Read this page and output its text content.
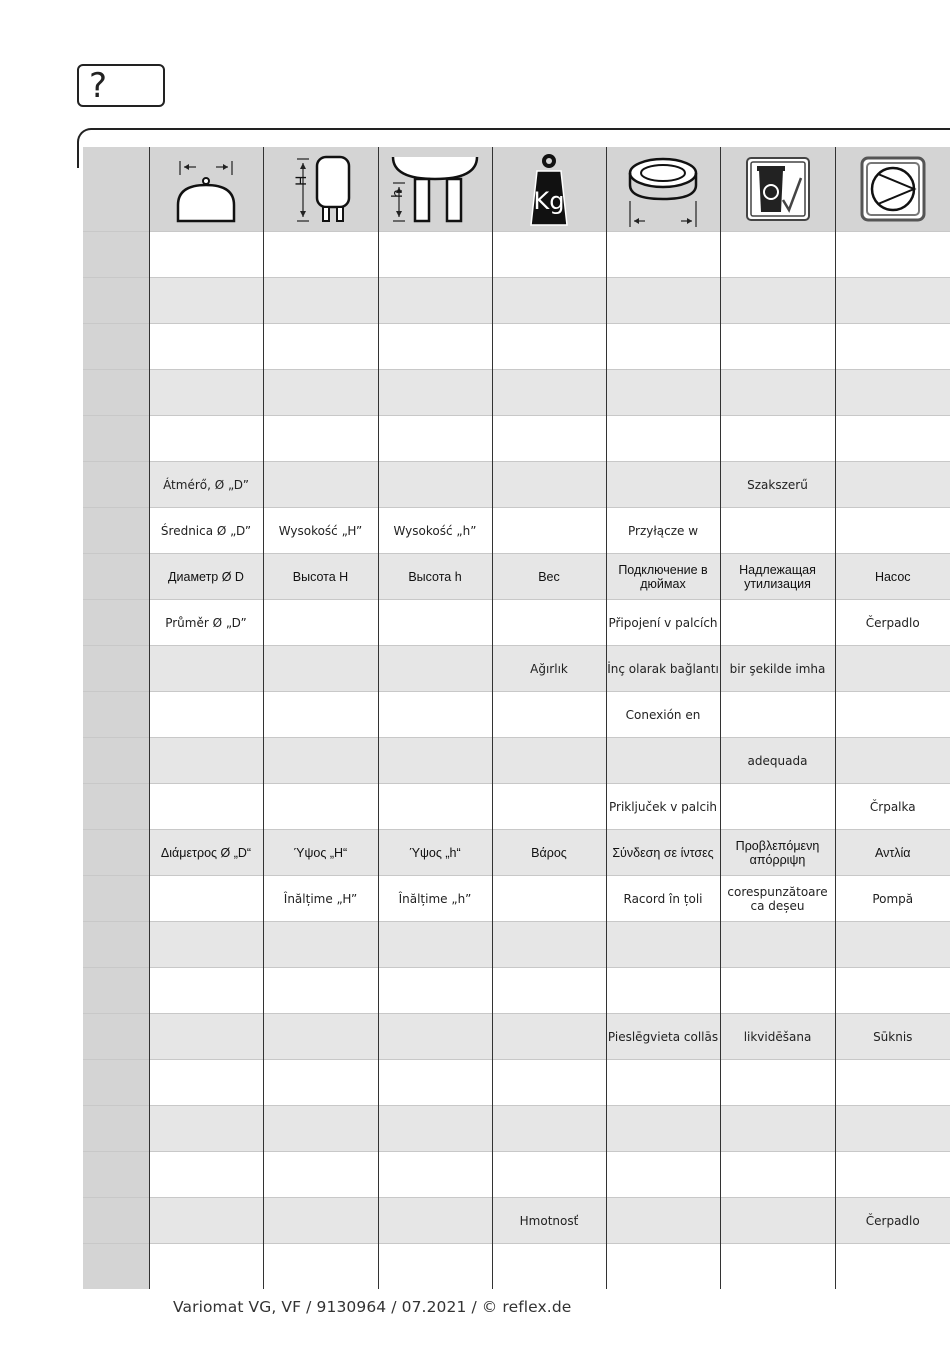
?

H	h	Kg

	Átmérő, Ø „D”					Szakszerű	
	Średnica Ø „D”	Wysokość „H”	Wysokość „h”		Przyłącze w		
	Диаметр Ø D	Высота H	Высота h	Вес	Подключение в дюймах	Надлежащая утилизация	Насос
	Průměr Ø „D”				Připojení v palcích		Čerpadlo
				Ağırlık	İnç olarak bağlantı	bir şekilde imha	
					Conexión en		
						adequada	
					Priključek v palcih		Črpalka
	Διάμετρος Ø „D“	Ύψος „H“	Ύψος „h“	Βάρος	Σύνδεση σε ίντσες	Προβλεπόμενη απόρριψη	Αντλία
		Înălțime „H”	Înălțime „h”		Racord în țoli	corespunzătoare ca deșeu	Pompă

					Pieslēgvieta collās	likvidēšana	Sūknis

				Hmotnosť			Čerpadlo

Variomat VG, VF / 9130964 / 07.2021 / © reflex.de
